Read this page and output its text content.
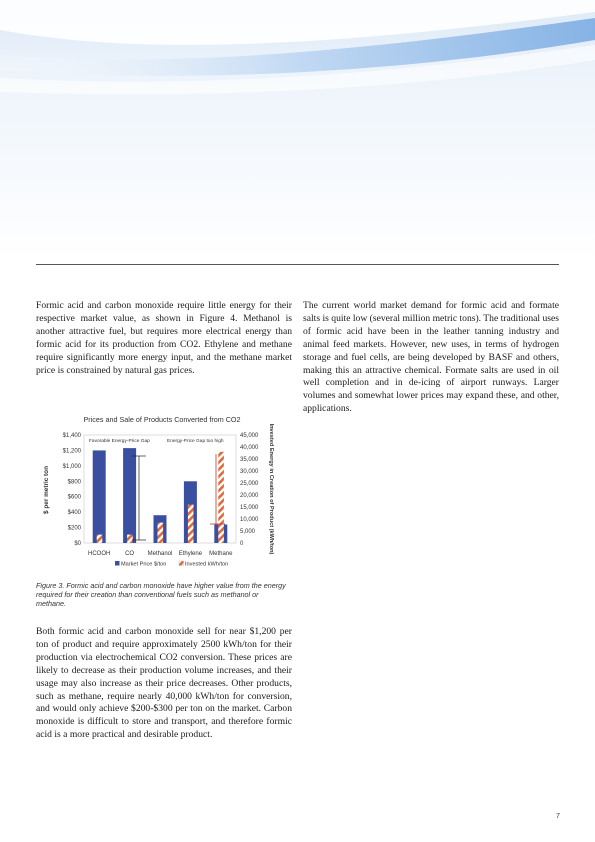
Formic acid and carbon monoxide require little energy for their respective market value, as shown in Figure 4. Methanol is another attractive fuel, but requires more electrical energy than formic acid for its production from CO2. Ethylene and methane require significantly more energy input, and the methane market price is constrained by natural gas prices.

The current world market demand for formic acid and formate salts is quite low (several million metric tons). The traditional uses of formic acid have been in the leather tanning industry and animal feed markets. However, new uses, in terms of hydrogen storage and fuel cells, are being developed by BASF and others, making this an attractive chemical. Formate salts are used in oil well completion and in de-icing of airport runways. Larger volumes and somewhat lower prices may expand these, and other, applications.

Prices and Sale of Products Converted from CO2
$0
$200
$400
$600
$800
$1,000
$1,200
$1,400
0
5,000
10,000
15,000
20,000
25,000
30,000
35,000
40,000
45,000
$ per metric ton	Invested Energy in Creation of Product (kWh/ton)
HCOOH CO Methanol Ethylene Methane
Favorable Energy-Price Gap	Energy-Price Gap too high
Market Price $/ton	Invested kWh/ton

Figure 3. Formic acid and carbon monoxide have higher value from the energy required for their creation than conventional fuels such as methanol or methane.

Both formic acid and carbon monoxide sell for near $1,200 per ton of product and require approximately 2500 kWh/ton for their production via electrochemical CO2 conversion. These prices are likely to decrease as their production volume increases, and their usage may also increase as their price decreases. Other products, such as methane, require nearly 40,000 kWh/ton for conversion, and would only achieve $200-$300 per ton on the market. Carbon monoxide is difficult to store and transport, and therefore formic acid is a more practical and desirable product.

7
